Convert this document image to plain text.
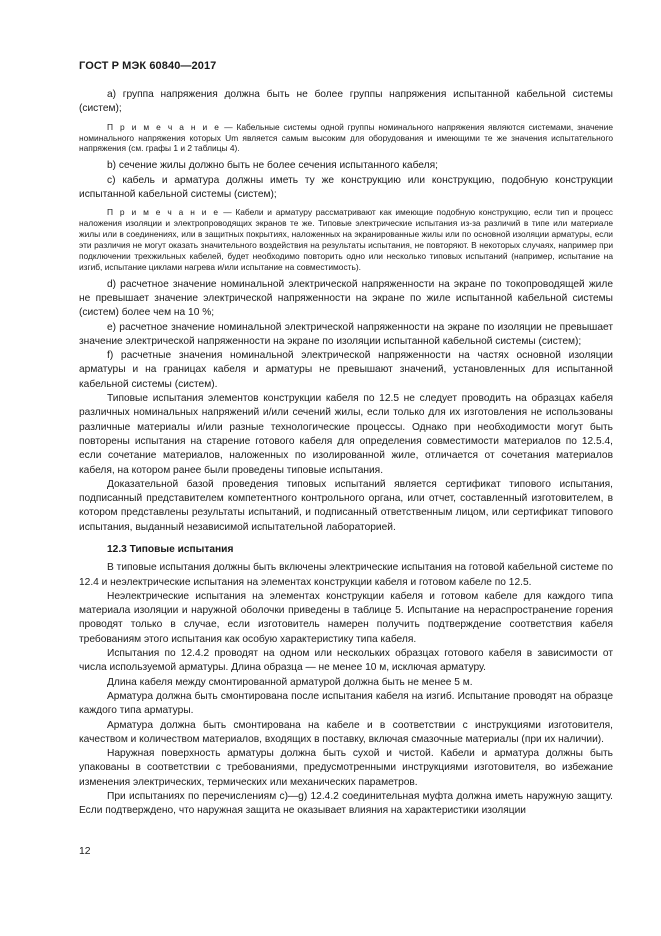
ГОСТ Р МЭК 60840—2017

a) группа напряжения должна быть не более группы напряжения испытанной кабельной системы (систем);

П р и м е ч а н и е — Кабельные системы одной группы номинального напряжения являются системами, значение номинального напряжения которых Um является самым высоким для оборудования и имеющими те же значения испытательного напряжения (см. графы 1 и 2 таблицы 4).

b) сечение жилы должно быть не более сечения испытанного кабеля;

c) кабель и арматура должны иметь ту же конструкцию или конструкцию, подобную конструкции испытанной кабельной системы (систем);

П р и м е ч а н и е — Кабели и арматуру рассматривают как имеющие подобную конструкцию, если тип и процесс наложения изоляции и электропроводящих экранов те же. Типовые электрические испытания из-за различий в типе или материале жилы или в соединениях, или в защитных покрытиях, наложенных на экранированные жилы или по основной изоляции арматуры, если эти различия не могут оказать значительного воздействия на результаты испытания, не повторяют. В некоторых случаях, например при подключении трехжильных кабелей, будет необходимо повторить одно или несколько типовых испытаний (например, испытание на изгиб, испытание циклами нагрева и/или испытание на совместимость).

d) расчетное значение номинальной электрической напряженности на экране по токопроводящей жиле не превышает значение электрической напряженности на экране по жиле испытанной кабельной системы (систем) более чем на 10 %;

e) расчетное значение номинальной электрической напряженности на экране по изоляции не превышает значение электрической напряженности на экране по изоляции испытанной кабельной системы (систем);

f) расчетные значения номинальной электрической напряженности на частях основной изоляции арматуры и на границах кабеля и арматуры не превышают значений, установленных для испытанной кабельной системы (систем).

Типовые испытания элементов конструкции кабеля по 12.5 не следует проводить на образцах кабеля различных номинальных напряжений и/или сечений жилы, если только для их изготовления не использованы различные материалы и/или разные технологические процессы. Однако при необходимости могут быть повторены испытания на старение готового кабеля для определения совместимости материалов по 12.5.4, если сочетание материалов, наложенных по изолированной жиле, отличается от сочетания материалов кабеля, на котором ранее были проведены типовые испытания.

Доказательной базой проведения типовых испытаний является сертификат типового испытания, подписанный представителем компетентного контрольного органа, или отчет, составленный изготовителем, в котором представлены результаты испытаний, и подписанный ответственным лицом, или сертификат типового испытания, выданный независимой испытательной лабораторией.

12.3 Типовые испытания

В типовые испытания должны быть включены электрические испытания на готовой кабельной системе по 12.4 и неэлектрические испытания на элементах конструкции кабеля и готовом кабеле по 12.5.

Неэлектрические испытания на элементах конструкции кабеля и готовом кабеле для каждого типа материала изоляции и наружной оболочки приведены в таблице 5. Испытание на нераспространение горения проводят только в случае, если изготовитель намерен получить подтверждение соответствия кабеля требованиям этого испытания как особую характеристику типа кабеля.

Испытания по 12.4.2 проводят на одном или нескольких образцах готового кабеля в зависимости от числа используемой арматуры. Длина образца — не менее 10 м, исключая арматуру.

Длина кабеля между смонтированной арматурой должна быть не менее 5 м.

Арматура должна быть смонтирована после испытания кабеля на изгиб. Испытание проводят на образце каждого типа арматуры.

Арматура должна быть смонтирована на кабеле и в соответствии с инструкциями изготовителя, качеством и количеством материалов, входящих в поставку, включая смазочные материалы (при их наличии).

Наружная поверхность арматуры должна быть сухой и чистой. Кабели и арматура должны быть упакованы в соответствии с требованиями, предусмотренными инструкциями изготовителя, во избежание изменения электрических, термических или механических параметров.

При испытаниях по перечислениям c)—g) 12.4.2 соединительная муфта должна иметь наружную защиту. Если подтверждено, что наружная защита не оказывает влияния на характеристики изоляции

12
